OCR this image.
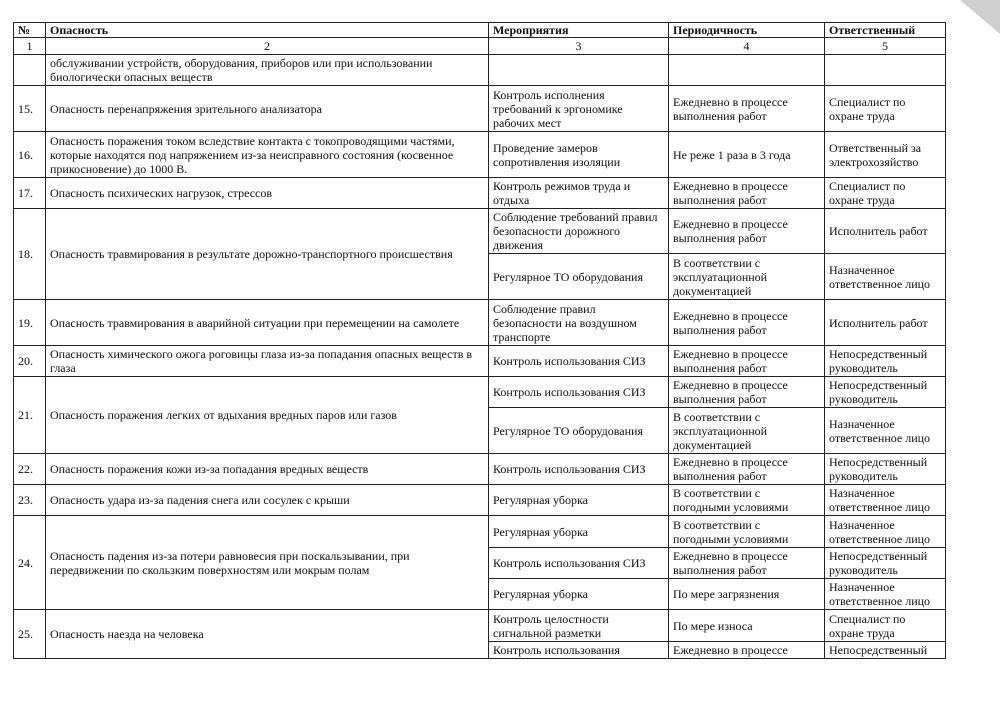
№	Опасность	Мероприятия	Периодичность	Ответственный
1	2	3	4	5
	обслуживании устройств, оборудования, приборов или при использовании биологически опасных веществ			
15.	Опасность перенапряжения зрительного анализатора	Контроль исполнения требований к эргономике рабочих мест	Ежедневно в процессе выполнения работ	Специалист по охране труда
16.	Опасность поражения током вследствие контакта с токопроводящими частями, которые находятся под напряжением из-за неисправного состояния (косвенное прикосновение) до 1000 В.	Проведение замеров сопротивления изоляции	Не реже 1 раза в 3 года	Ответственный за электрохозяйство
17.	Опасность психических нагрузок, стрессов	Контроль режимов труда и отдыха	Ежедневно в процессе выполнения работ	Специалист по охране труда
18.	Опасность травмирования в результате дорожно-транспортного происшествия	Соблюдение требований правил безопасности дорожного движения	Ежедневно в процессе выполнения работ	Исполнитель работ
		Регулярное ТО оборудования	В соответствии с эксплуатационной документацией	Назначенное ответственное лицо
19.	Опасность травмирования в аварийной ситуации при перемещении на самолете	Соблюдение правил безопасности на воздушном транспорте	Ежедневно в процессе выполнения работ	Исполнитель работ
20.	Опасность химического ожога роговицы глаза из-за попадания опасных веществ в глаза	Контроль использования СИЗ	Ежедневно в процессе выполнения работ	Непосредственный руководитель
21.	Опасность поражения легких от вдыхания вредных паров или газов	Контроль использования СИЗ	Ежедневно в процессе выполнения работ	Непосредственный руководитель
		Регулярное ТО оборудования	В соответствии с эксплуатационной документацией	Назначенное ответственное лицо
22.	Опасность поражения кожи из-за попадания вредных веществ	Контроль использования СИЗ	Ежедневно в процессе выполнения работ	Непосредственный руководитель
23.	Опасность удара из-за падения снега или сосулек с крыши	Регулярная уборка	В соответствии с погодными условиями	Назначенное ответственное лицо
24.	Опасность падения из-за потери равновесия при поскальзывании, при передвижении по скользким поверхностям или мокрым полам	Регулярная уборка	В соответствии с погодными условиями	Назначенное ответственное лицо
		Контроль использования СИЗ	Ежедневно в процессе выполнения работ	Непосредственный руководитель
		Регулярная уборка	По мере загрязнения	Назначенное ответственное лицо
25.	Опасность наезда на человека	Контроль целостности сигнальной разметки	По мере износа	Специалист по охране труда
		Контроль использования	Ежедневно в процессе	Непосредственный
